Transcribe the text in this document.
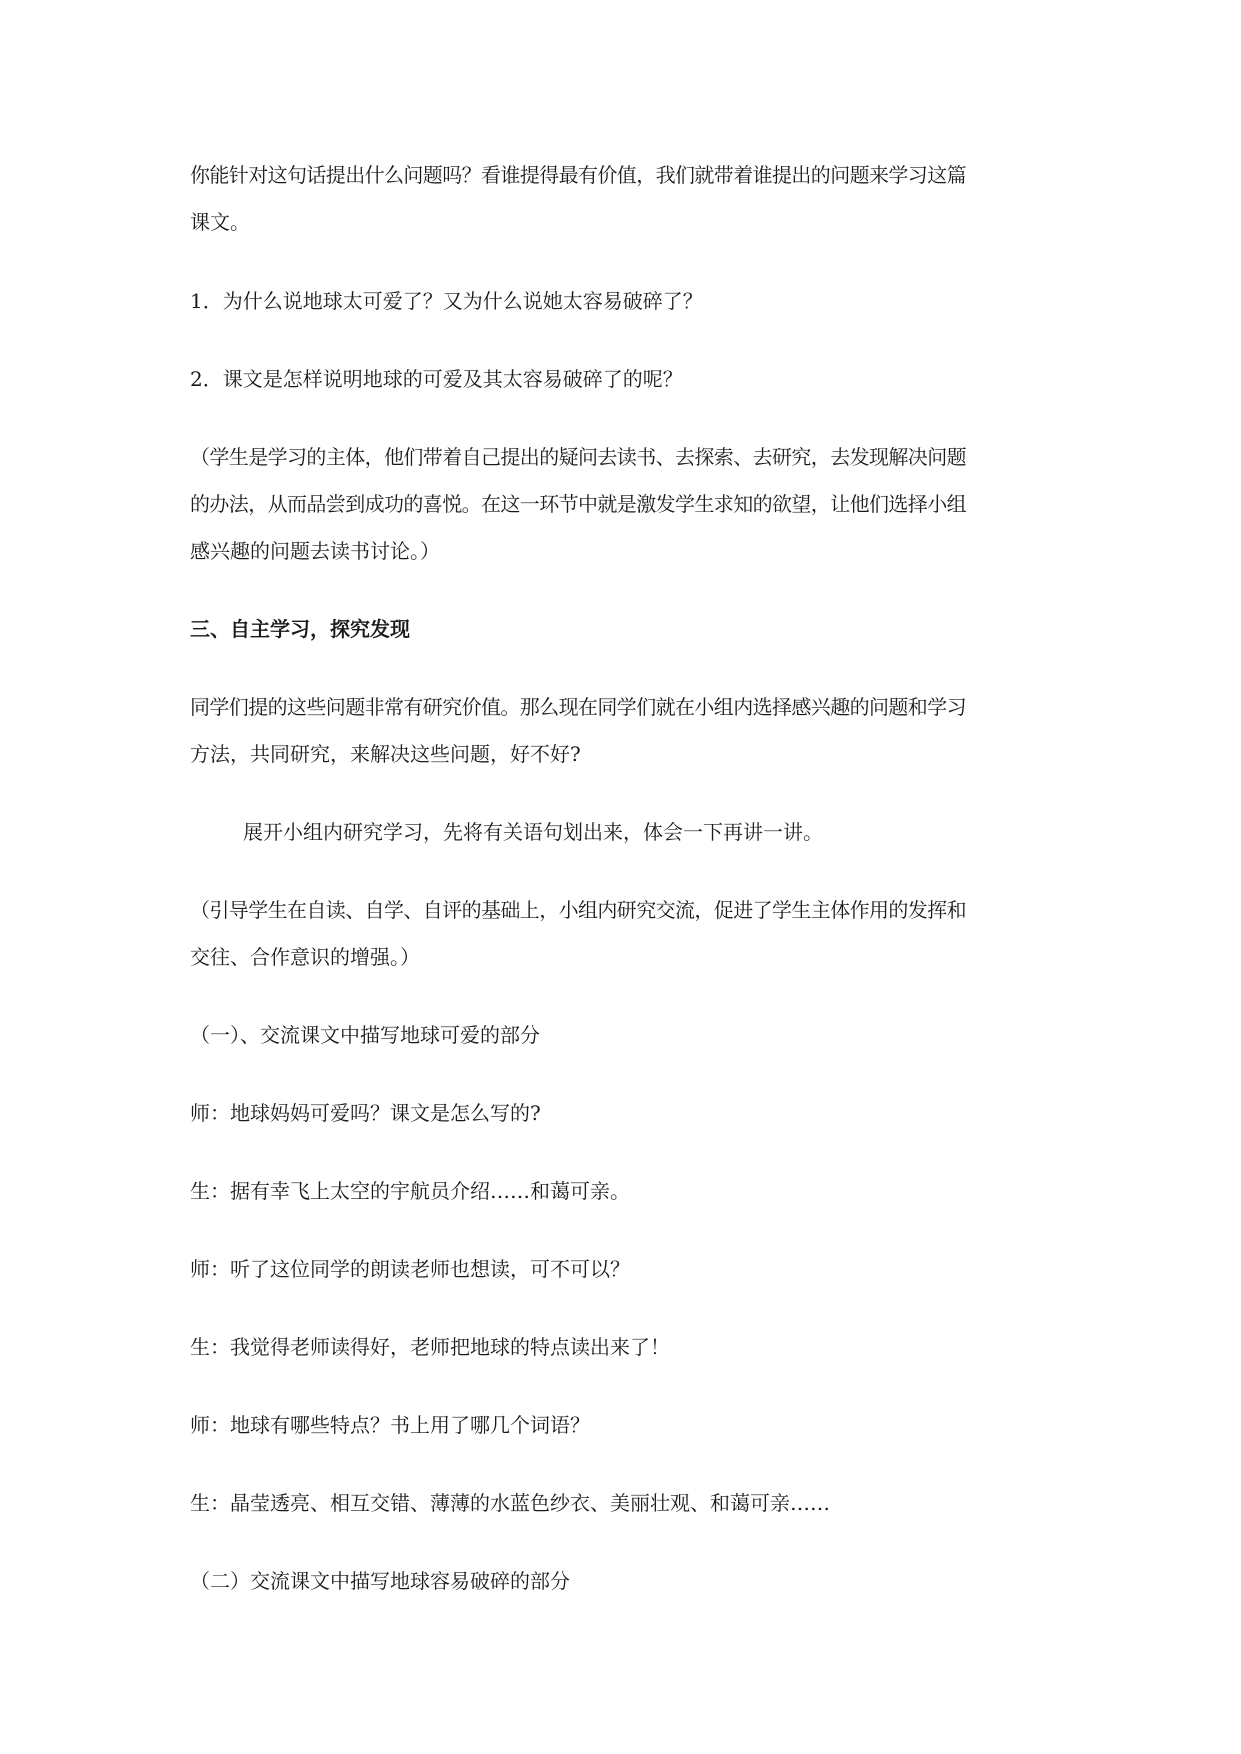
你能针对这句话提出什么问题吗？看谁提得最有价值，我们就带着谁提出的问题来学习这篇

课文。

1．为什么说地球太可爱了？又为什么说她太容易破碎了？

2．课文是怎样说明地球的可爱及其太容易破碎了的呢？

（学生是学习的主体，他们带着自己提出的疑问去读书、去探索、去研究，去发现解决问题

的办法，从而品尝到成功的喜悦。在这一环节中就是激发学生求知的欲望，让他们选择小组

感兴趣的问题去读书讨论。）

三、自主学习，探究发现

同学们提的这些问题非常有研究价值。那么现在同学们就在小组内选择感兴趣的问题和学习

方法，共同研究，来解决这些问题，好不好?

展开小组内研究学习，先将有关语句划出来，体会一下再讲一讲。

（引导学生在自读、自学、自评的基础上，小组内研究交流，促进了学生主体作用的发挥和

交往、合作意识的增强。）

（一）、交流课文中描写地球可爱的部分

师：地球妈妈可爱吗？课文是怎么写的?

生：据有幸飞上太空的宇航员介绍……和蔼可亲。

师：听了这位同学的朗读老师也想读，可不可以？

生：我觉得老师读得好，老师把地球的特点读出来了！

师：地球有哪些特点？书上用了哪几个词语？

生：晶莹透亮、相互交错、薄薄的水蓝色纱衣、美丽壮观、和蔼可亲……

（二）交流课文中描写地球容易破碎的部分
